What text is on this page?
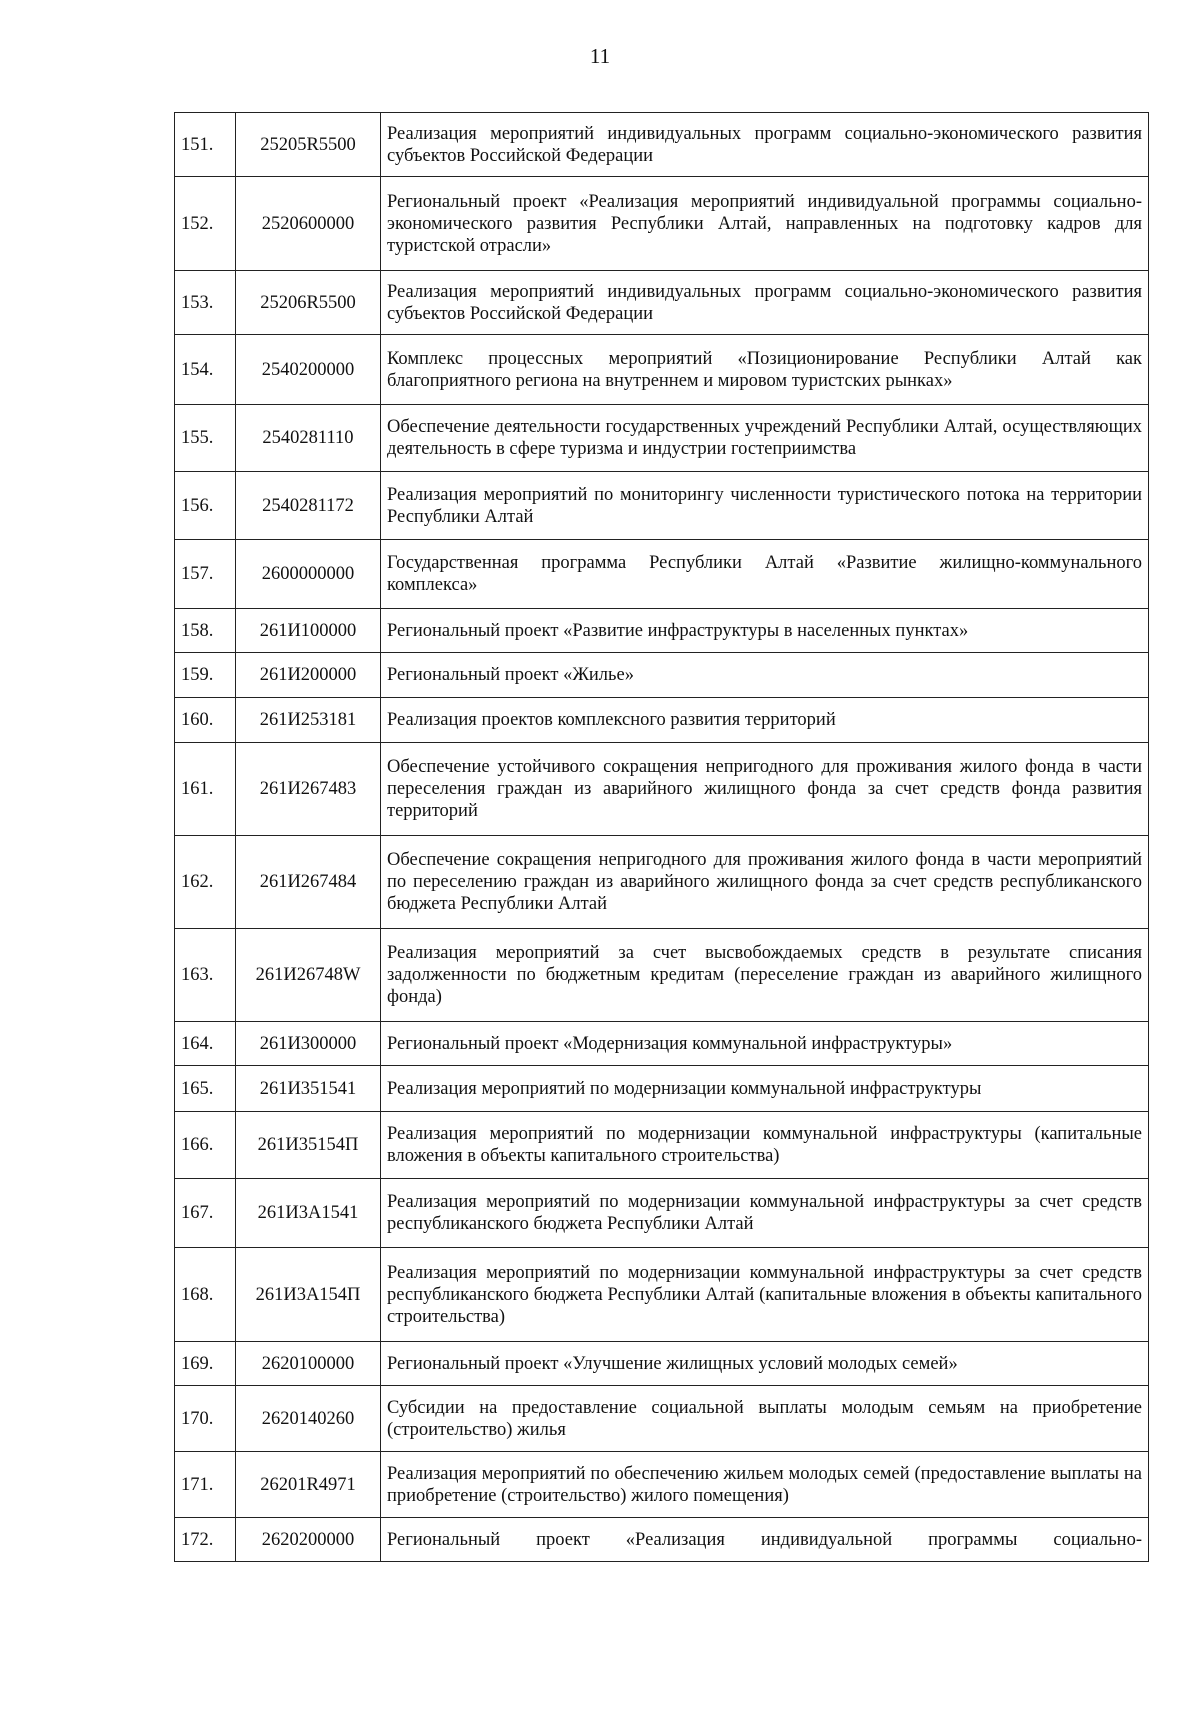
11
151.	25205R5500	Реализация мероприятий индивидуальных программ социально-экономического развития субъектов Российской Федерации
152.	2520600000	Региональный проект «Реализация мероприятий индивидуальной программы социально-экономического развития Республики Алтай, направленных на подготовку кадров для туристской отрасли»
153.	25206R5500	Реализация мероприятий индивидуальных программ социально-экономического развития субъектов Российской Федерации
154.	2540200000	Комплекс процессных мероприятий «Позиционирование Республики Алтай как благоприятного региона на внутреннем и мировом туристских рынках»
155.	2540281110	Обеспечение деятельности государственных учреждений Республики Алтай, осуществляющих деятельность в сфере туризма и индустрии гостеприимства
156.	2540281172	Реализация мероприятий по мониторингу численности туристического потока на территории Республики Алтай
157.	2600000000	Государственная программа Республики Алтай «Развитие жилищно-коммунального комплекса»
158.	261И100000	Региональный проект «Развитие инфраструктуры в населенных пунктах»
159.	261И200000	Региональный проект «Жилье»
160.	261И253181	Реализация проектов комплексного развития территорий
161.	261И267483	Обеспечение устойчивого сокращения непригодного для проживания жилого фонда в части переселения граждан из аварийного жилищного фонда за счет средств фонда развития территорий
162.	261И267484	Обеспечение сокращения непригодного для проживания жилого фонда в части мероприятий по переселению граждан из аварийного жилищного фонда за счет средств республиканского бюджета Республики Алтай
163.	261И26748W	Реализация мероприятий за счет высвобождаемых средств в результате списания задолженности по бюджетным кредитам (переселение граждан из аварийного жилищного фонда)
164.	261И300000	Региональный проект «Модернизация коммунальной инфраструктуры»
165.	261И351541	Реализация мероприятий по модернизации коммунальной инфраструктуры
166.	261И35154П	Реализация мероприятий по модернизации коммунальной инфраструктуры (капитальные вложения в объекты капитального строительства)
167.	261И3А1541	Реализация мероприятий по модернизации коммунальной инфраструктуры за счет средств республиканского бюджета Республики Алтай
168.	261И3А154П	Реализация мероприятий по модернизации коммунальной инфраструктуры за счет средств республиканского бюджета Республики Алтай (капитальные вложения в объекты капитального строительства)
169.	2620100000	Региональный проект «Улучшение жилищных условий молодых семей»
170.	2620140260	Субсидии на предоставление социальной выплаты молодым семьям на приобретение (строительство) жилья
171.	26201R4971	Реализация мероприятий по обеспечению жильем молодых семей (предоставление выплаты на приобретение (строительство) жилого помещения)
172.	2620200000	Региональный проект «Реализация индивидуальной программы социально-
